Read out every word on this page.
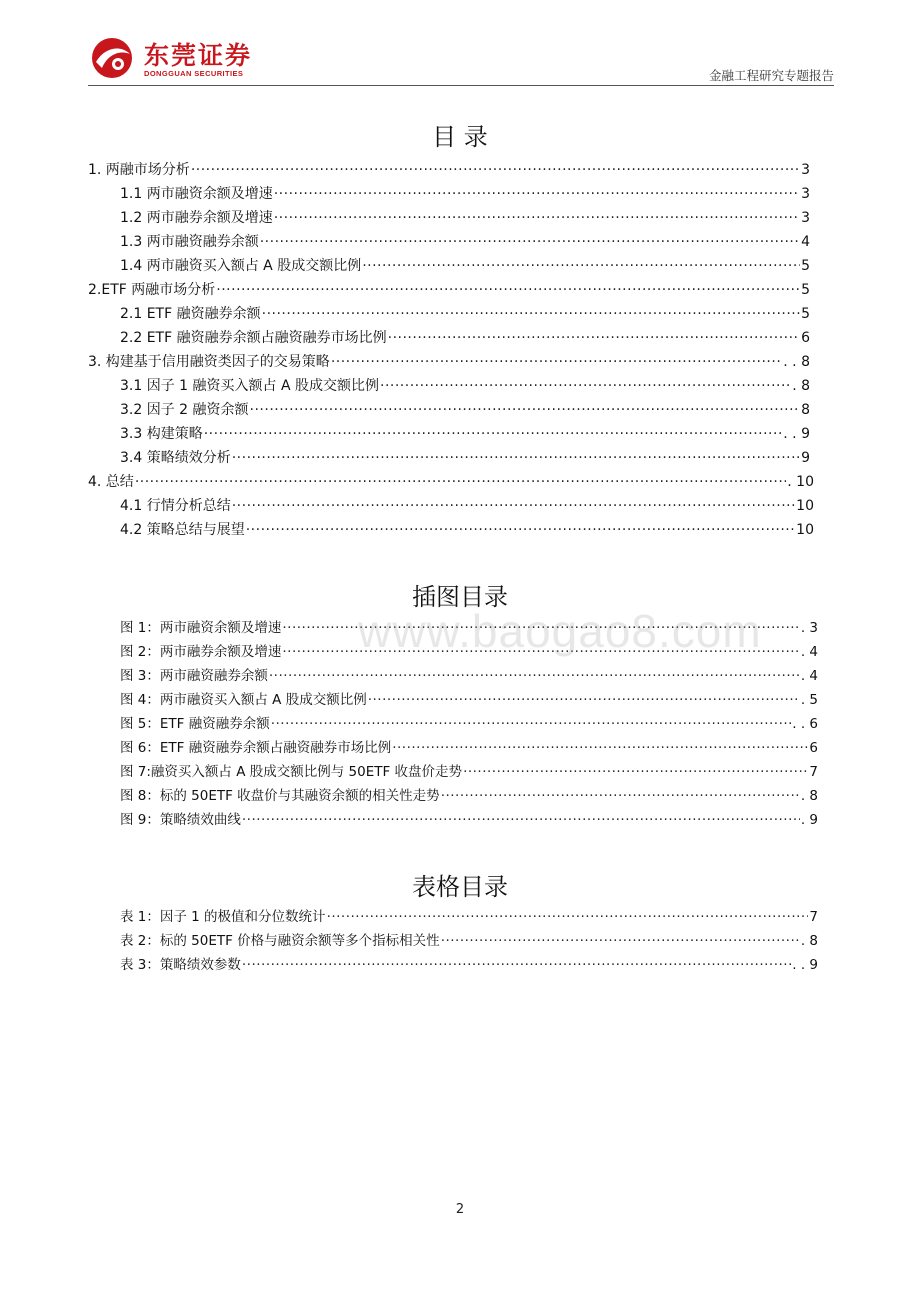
东莞证券
DONGGUAN SECURITIES	金融工程研究专题报告
目 录
1. 两融市场分析 ·····	3
1.1 两市融资余额及增速 ·····	3
1.2 两市融券余额及增速 ·····	3
1.3 两市融资融券余额 ·····	4
1.4 两市融资买入额占 A 股成交额比例 ·····	5
2.ETF 两融市场分析 ·····	5
2.1 ETF 融资融券余额 ·····	5
2.2 ETF 融资融券余额占融资融券市场比例 ·····	6
3. 构建基于信用融资类因子的交易策略 ·····	. . 8
3.1 因子 1 融资买入额占 A 股成交额比例 ·····	. 8
3.2 因子 2 融资余额 ·····	8
3.3 构建策略 ·····	. . 9
3.4 策略绩效分析 ·····	9
4. 总结 ·····	. 10
4.1 行情分析总结 ·····	10
4.2 策略总结与展望 ·····	10
插图目录
图 1：两市融资余额及增速 ·····	. 3
图 2：两市融券余额及增速 ·····	. 4
图 3：两市融资融券余额 ·····	. 4
图 4：两市融资买入额占 A 股成交额比例 ·····	. 5
图 5：ETF 融资融券余额 ·····	. . 6
图 6：ETF 融资融券余额占融资融券市场比例 ·····	6
图 7:融资买入额占 A 股成交额比例与 50ETF 收盘价走势 ·····	7
图 8：标的 50ETF 收盘价与其融资余额的相关性走势 ·····	. 8
图 9：策略绩效曲线 ·····	. 9
www.baogao8.com
表格目录
表 1：因子 1 的极值和分位数统计 ·····	7
表 2：标的 50ETF 价格与融资余额等多个指标相关性 ·····	. 8
表 3：策略绩效参数 ·····	. . 9
2
